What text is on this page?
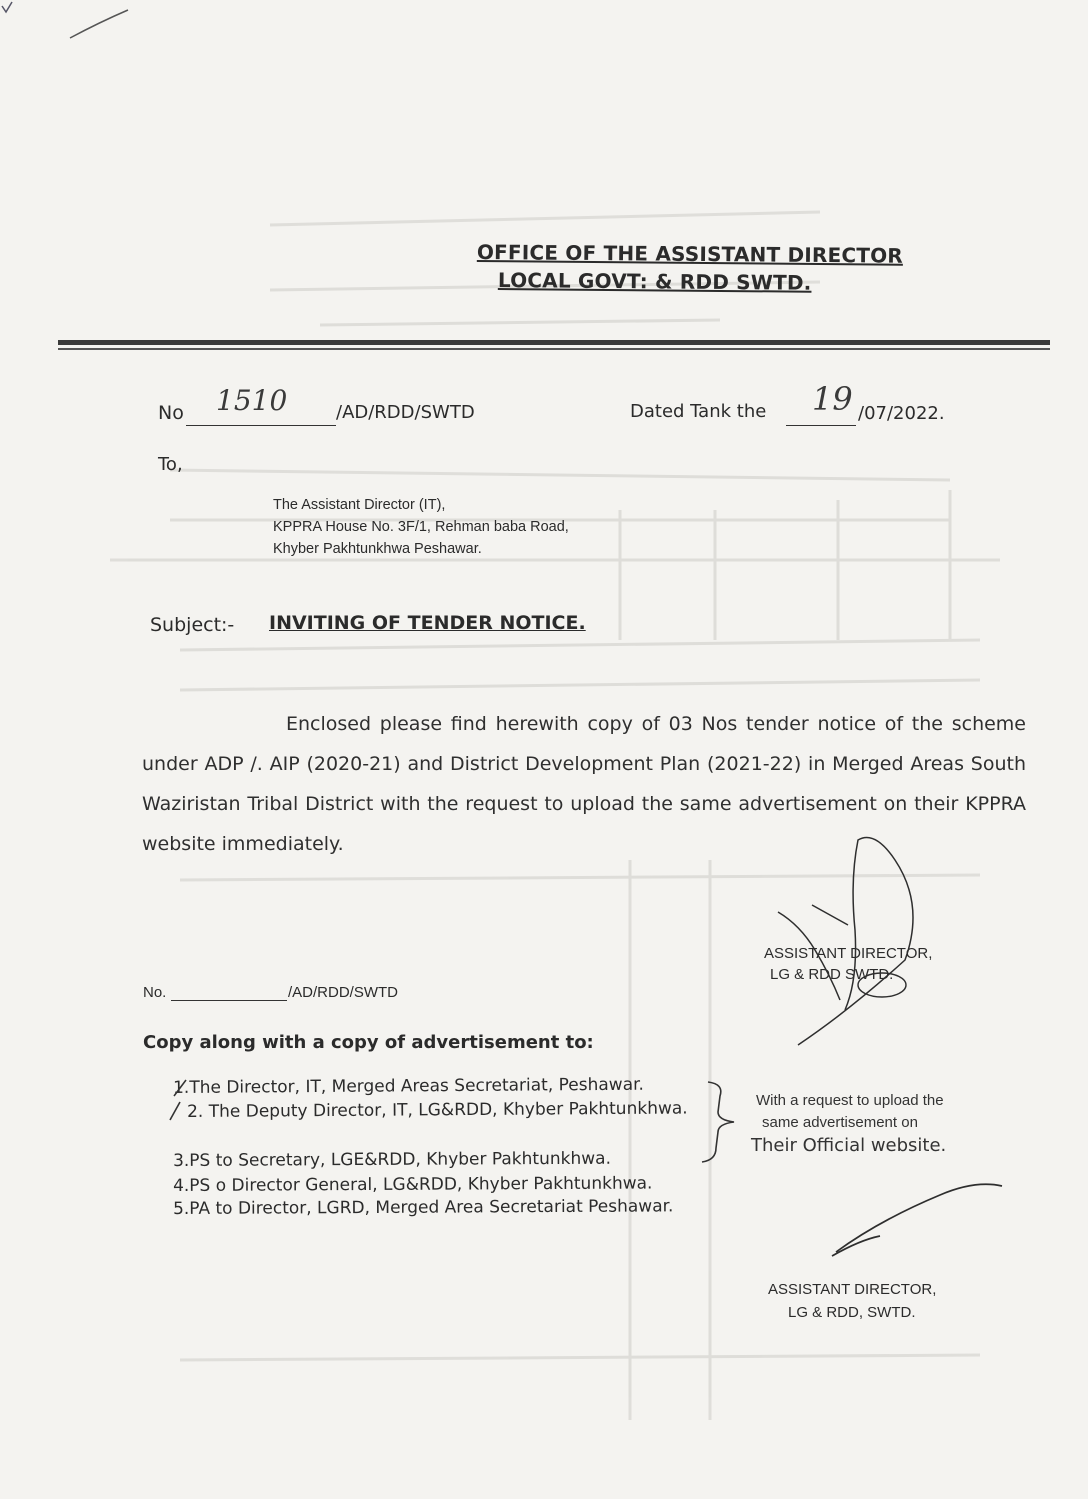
OFFICE OF THE ASSISTANT DIRECTOR
LOCAL GOVT: & RDD SWTD.
No 1510	/AD/RDD/SWTD	Dated Tank the 19 /07/2022.
To,
The Assistant Director (IT),
KPPRA House No. 3F/1, Rehman baba Road,
Khyber Pakhtunkhwa Peshawar.
Subject:- INVITING OF TENDER NOTICE.
Enclosed please find herewith copy of 03 Nos tender notice of the scheme under ADP /. AIP (2020-21) and District Development Plan (2021-22) in Merged Areas South Waziristan Tribal District with the request to upload the same advertisement on their KPPRA website immediately.
ASSISTANT DIRECTOR,
LG & RDD SWTD.
No.	/AD/RDD/SWTD
Copy along with a copy of advertisement to:
1.The Director, IT, Merged Areas Secretariat, Peshawar.
2. The Deputy Director, IT, LG&RDD, Khyber Pakhtunkhwa.
3.PS to Secretary, LGE&RDD, Khyber Pakhtunkhwa.
4.PS o Director General, LG&RDD, Khyber Pakhtunkhwa.
5.PA to Director, LGRD, Merged Area Secretariat Peshawar.
With a request to upload the
same advertisement on
Their Official website.
ASSISTANT DIRECTOR,
LG & RDD, SWTD.
